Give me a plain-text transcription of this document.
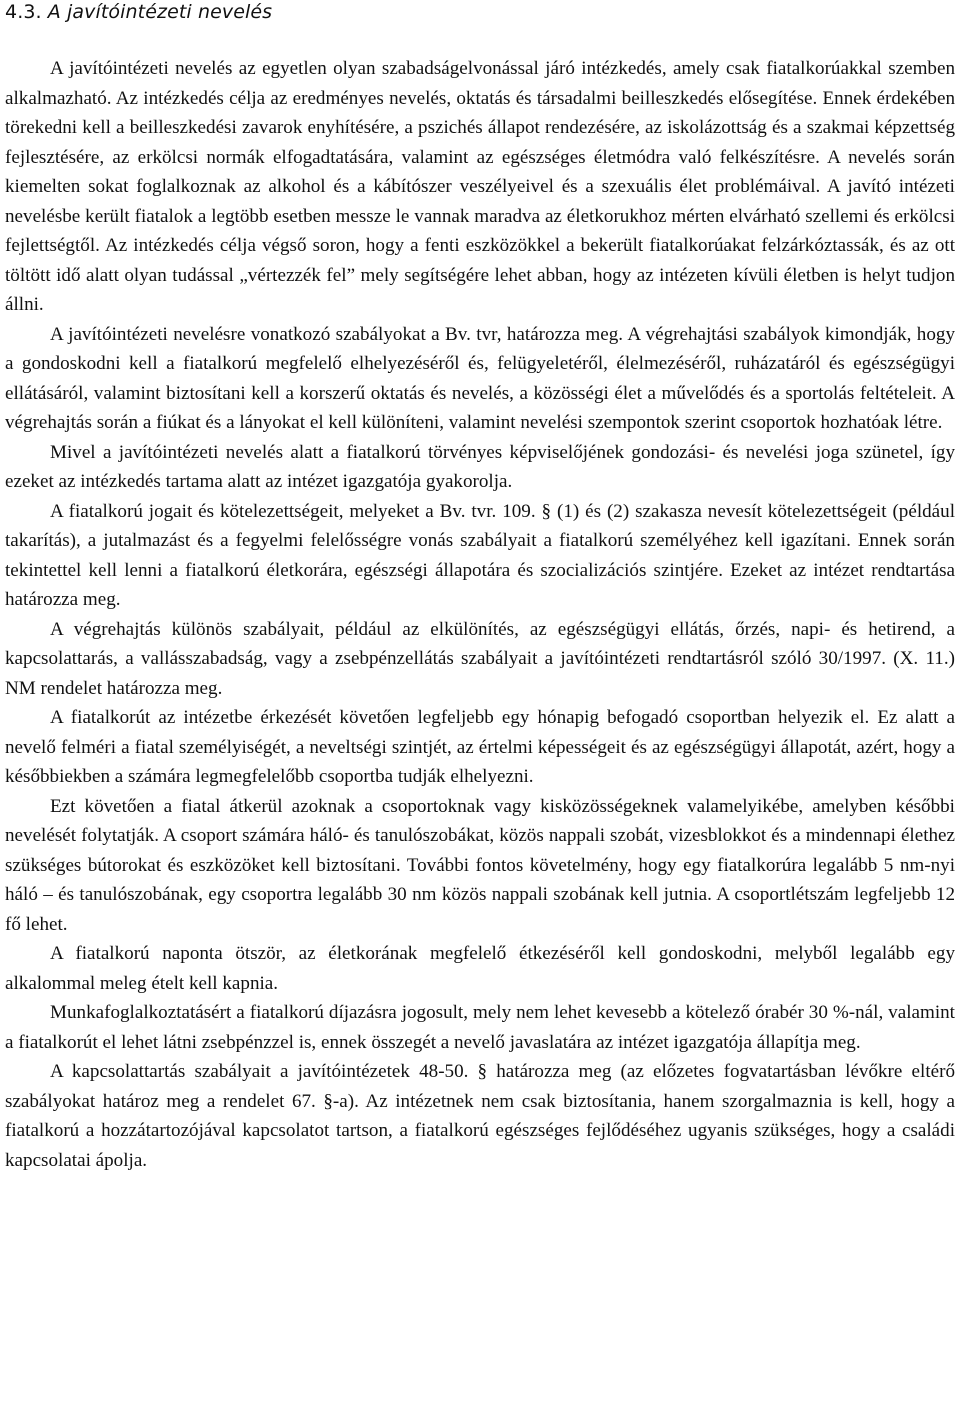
4.3. A javítóintézeti nevelés

A javítóintézeti nevelés az egyetlen olyan szabadságelvonással járó intézkedés, amely csak fiatalkorúakkal szemben alkalmazható. Az intézkedés célja az eredményes nevelés, oktatás és társadalmi beilleszkedés elősegítése. Ennek érdekében törekedni kell a beilleszkedési zavarok enyhítésére, a pszichés állapot rendezésére, az iskolázottság és a szakmai képzettség fejlesztésére, az erkölcsi normák elfogadtatására, valamint az egészséges életmódra való felkészítésre. A nevelés során kiemelten sokat foglalkoznak az alkohol és a kábítószer veszélyeivel és a szexuális élet problémáival. A javító intézeti nevelésbe került fiatalok a legtöbb esetben messze le vannak maradva az életkorukhoz mérten elvárható szellemi és erkölcsi fejlettségtől. Az intézkedés célja végső soron, hogy a fenti eszközökkel a bekerült fiatalkorúakat felzárkóztassák, és az ott töltött idő alatt olyan tudással „vértezzék fel” mely segítségére lehet abban, hogy az intézeten kívüli életben is helyt tudjon állni.

A javítóintézeti nevelésre vonatkozó szabályokat a Bv. tvr, határozza meg. A végrehajtási szabályok kimondják, hogy a gondoskodni kell a fiatalkorú megfelelő elhelyezéséről és, felügyeletéről, élelmezéséről, ruházatáról és egészségügyi ellátásáról, valamint biztosítani kell a korszerű oktatás és nevelés, a közösségi élet a művelődés és a sportolás feltételeit. A végrehajtás során a fiúkat és a lányokat el kell különíteni, valamint nevelési szempontok szerint csoportok hozhatóak létre.

Mivel a javítóintézeti nevelés alatt a fiatalkorú törvényes képviselőjének gondozási- és nevelési joga szünetel, így ezeket az intézkedés tartama alatt az intézet igazgatója gyakorolja.

A fiatalkorú jogait és kötelezettségeit, melyeket a Bv. tvr. 109. § (1) és (2) szakasza nevesít kötelezettségeit (például takarítás), a jutalmazást és a fegyelmi felelősségre vonás szabályait a fiatalkorú személyéhez kell igazítani. Ennek során tekintettel kell lenni a fiatalkorú életkorára, egészségi állapotára és szocializációs szintjére. Ezeket az intézet rendtartása határozza meg.

A végrehajtás különös szabályait, például az elkülönítés, az egészségügyi ellátás, őrzés, napi- és hetirend, a kapcsolattarás, a vallásszabadság, vagy a zsebpénzellátás szabályait a javítóintézeti rendtartásról szóló 30/1997. (X. 11.) NM rendelet határozza meg.

A fiatalkorút az intézetbe érkezését követően legfeljebb egy hónapig befogadó csoportban helyezik el. Ez alatt a nevelő felméri a fiatal személyiségét, a neveltségi szintjét, az értelmi képességeit és az egészségügyi állapotát, azért, hogy a későbbiekben a számára legmegfelelőbb csoportba tudják elhelyezni.

Ezt követően a fiatal átkerül azoknak a csoportoknak vagy kisközösségeknek valamelyikébe, amelyben későbbi nevelését folytatják. A csoport számára háló- és tanulószobákat, közös nappali szobát, vizesblokkot és a mindennapi élethez szükséges bútorokat és eszközöket kell biztosítani. További fontos követelmény, hogy egy fiatalkorúra legalább 5 nm-nyi háló – és tanulószobának, egy csoportra legalább 30 nm közös nappali szobának kell jutnia. A csoportlétszám legfeljebb 12 fő lehet.

A fiatalkorú naponta ötször, az életkorának megfelelő étkezéséről kell gondoskodni, melyből legalább egy alkalommal meleg ételt kell kapnia.

Munkafoglalkoztatásért a fiatalkorú díjazásra jogosult, mely nem lehet kevesebb a kötelező órabér 30 %-nál, valamint a fiatalkorút el lehet látni zsebpénzzel is, ennek összegét a nevelő javaslatára az intézet igazgatója állapítja meg.

A kapcsolattartás szabályait a javítóintézetek 48-50. § határozza meg (az előzetes fogvatartásban lévőkre eltérő szabályokat határoz meg a rendelet 67. §-a). Az intézetnek nem csak biztosítania, hanem szorgalmaznia is kell, hogy a fiatalkorú a hozzátartozójával kapcsolatot tartson, a fiatalkorú egészséges fejlődéséhez ugyanis szükséges, hogy a családi kapcsolatai ápolja.
